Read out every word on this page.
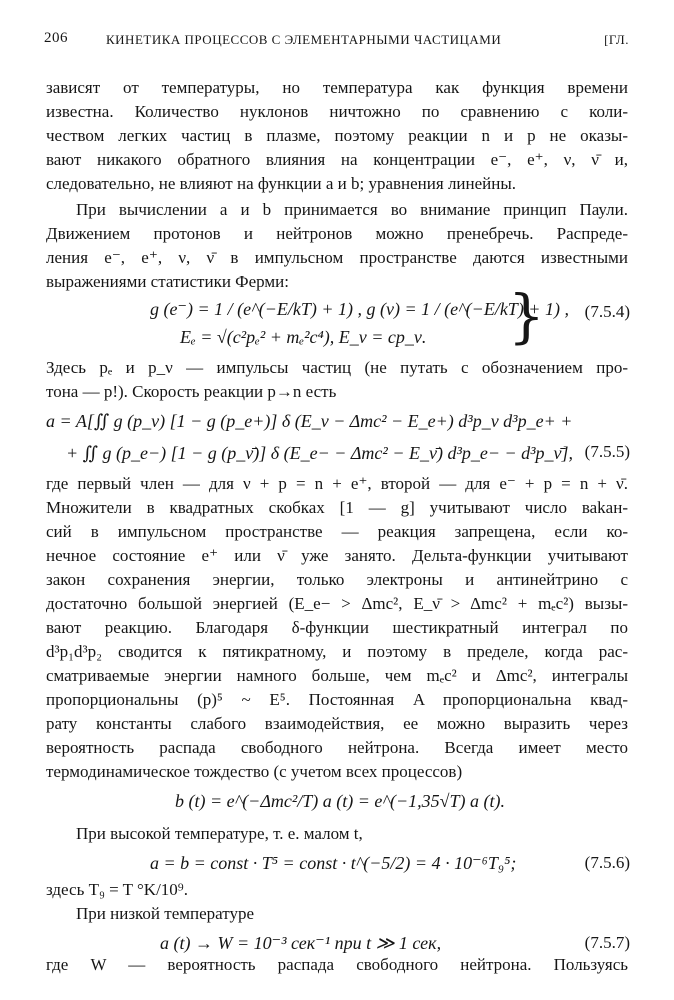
206	КИНЕТИКА ПРОЦЕССОВ С ЭЛЕМЕНТАРНЫМИ ЧАСТИЦАМИ	[ГЛ.
зависят от температуры, но температура как функция времени
известна. Количество нуклонов ничтожно по сравнению с коли-
чеством легких частиц в плазме, поэтому реакции n и p не оказы-
вают никакого обратного влияния на концентрации e⁻, e⁺, ν, ν̄ и,
следовательно, не влияют на функции a и b; уравнения линейны.
При вычислении a и b принимается во внимание принцип Паули.
Движением протонов и нейтронов можно пренебречь. Распреде-
ления e⁻, e⁺, ν, ν̄ в импульсном пространстве даются известными
выражениями статистики Ферми:
g (e⁻) = 1 / (e^(−E/kT) + 1) , g (ν) = 1 / (e^(−E/kT) + 1) ,
Eₑ = √(c²pₑ² + mₑ²c⁴), E_ν = cp_ν.	}	(7.5.4)
Здесь pₑ и p_ν — импульсы частиц (не путать с обозначением про-
тона — p!). Скорость реакции p→n есть
a = A[∬ g (p_ν) [1 − g (p_e+)] δ (E_ν − Δmc² − E_e+) d³p_ν d³p_e+ +
+ ∬ g (p_e−) [1 − g (p_ν̄)] δ (E_e− − Δmc² − E_ν̄) d³p_e− − d³p_ν̄], (7.5.5)
где первый член — для ν + p = n + e⁺, второй — для e⁻ + p = n + ν̄.
Множители в квадратных скобках [1 — g] учитывают число ваkан-
сий в импульсном пространстве — реакция запрещена, если ко-
нечное состояние e⁺ или ν̄ уже занято. Дельта-функции учитывают
закон сохранения энергии, только электроны и антинейтрино с
достаточно большой энергией (E_e− > Δmc², E_ν̄ > Δmc² + mₑc²) вызы-
вают реакцию. Благодаря δ-функции шестикратный интеграл по
d³p₁d³p₂ сводится к пятикратному, и поэтому в пределе, когда рас-
сматриваемые энергии намного больше, чем mₑc² и Δmc², интегралы
пропорциональны (p)⁵ ~ E⁵. Постоянная A пропорциональна квад-
рату константы слабого взаимодействия, ее можно выразить через
вероятность распада свободного нейтрона. Всегда имеет место
термодинамическое тождество (с учетом всех процессов)
b (t) = e^(−Δmc²/T) a (t) = e^(−1,35√T) a (t).
При высокой температуре, т. е. малом t,
a = b = const · T⁵ = const · t^(−5/2) = 4 · 10⁻⁶T₉⁵;	(7.5.6)
здесь T₉ = T °K/10⁹.
При низкой температуре
a (t) → W = 10⁻³ сек⁻¹ при t ≫ 1 сек,	(7.5.7)
где W — вероятность распада свободного нейтрона. Пользуясь
